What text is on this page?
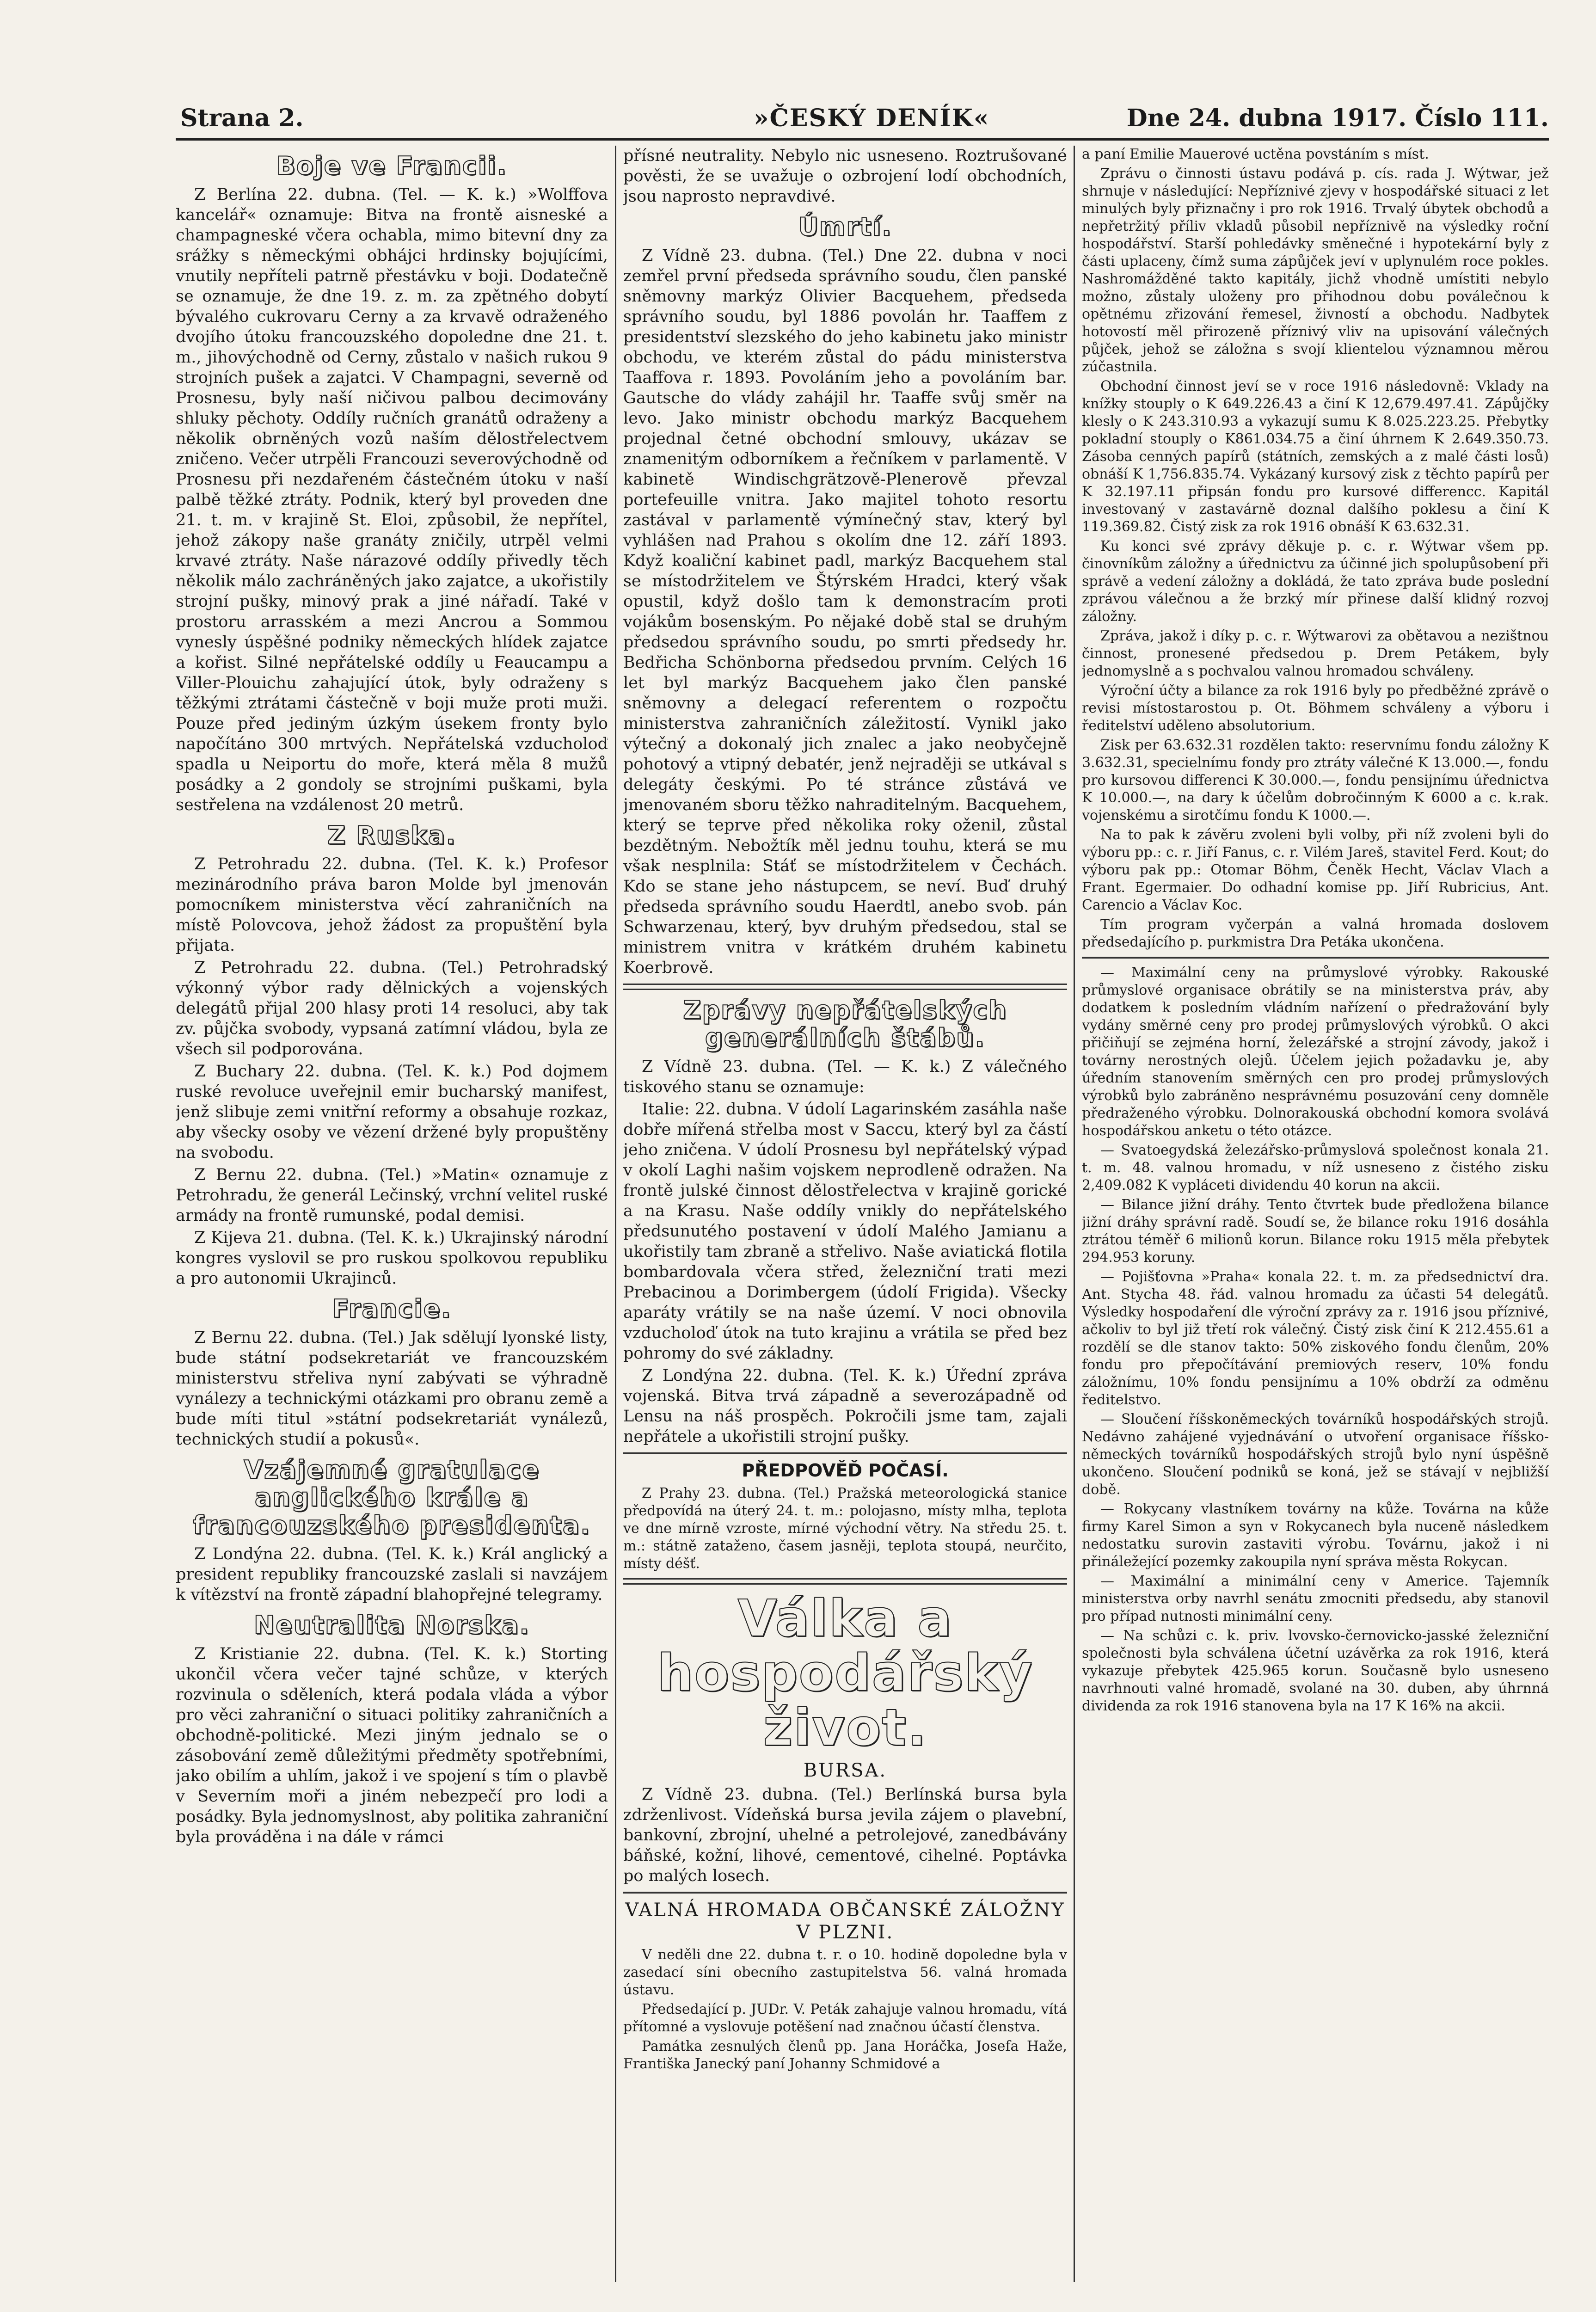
Strana 2.	»ČESKÝ DENÍK«	Dne 24. dubna 1917. Číslo 111.
Boje ve Francii.

Z Berlína 22. dubna. (Tel. — K. k.) »Wolffova kancelář« oznamuje: Bitva na frontě aisneské a champagneské včera ochabla, mimo bitevní dny za srážky s německými obhájci hrdinsky bojujícími, vnutily nepříteli patrně přestávku v boji. Dodatečně se oznamuje, že dne 19. z. m. za zpětného dobytí bývalého cukrovaru Cerny a za krvavě odraženého dvojího útoku francouzského dopoledne dne 21. t. m., jihovýchodně od Cerny, zůstalo v našich rukou 9 strojních pušek a zajatci. V Champagni, severně od Prosnesu, byly naší ničivou palbou decimovány shluky pěchoty. Oddíly ručních granátů odraženy a několik obrněných vozů naším dělostřelectvem zničeno. Večer utrpěli Francouzi severovýchodně od Prosnesu při nezdařeném částečném útoku v naší palbě těžké ztráty. Podnik, který byl proveden dne 21. t. m. v krajině St. Eloi, způsobil, že nepřítel, jehož zákopy naše granáty zničily, utrpěl velmi krvavé ztráty. Naše nárazové oddíly přivedly těch několik málo zachráněných jako zajatce, a ukořistily strojní pušky, minový prak a jiné nářadí. Také v prostoru arrasském a mezi Ancrou a Sommou vynesly úspěšné podniky německých hlídek zajatce a kořist. Silné nepřátelské oddíly u Feaucampu a Viller-Plouichu zahajující útok, byly odraženy s těžkými ztrátami částečně v boji muže proti muži. Pouze před jediným úzkým úsekem fronty bylo napočítáno 300 mrtvých. Nepřátelská vzducholoď spadla u Neiportu do moře, která měla 8 mužů posádky a 2 gondoly se strojními puškami, byla sestřelena na vzdálenost 20 metrů.

Z Ruska.

Z Petrohradu 22. dubna. (Tel. K. k.) Profesor mezinárodního práva baron Molde byl jmenován pomocníkem ministerstva věcí zahraničních na místě Polovcova, jehož žádost za propuštění byla přijata.

Z Petrohradu 22. dubna. (Tel.) Petrohradský výkonný výbor rady dělnických a vojenských delegátů přijal 200 hlasy proti 14 resoluci, aby tak zv. půjčka svobody, vypsaná zatímní vládou, byla ze všech sil podporována.

Z Buchary 22. dubna. (Tel. K. k.) Pod dojmem ruské revoluce uveřejnil emir bucharský manifest, jenž slibuje zemi vnitřní reformy a obsahuje rozkaz, aby všecky osoby ve vězení držené byly propuštěny na svobodu.

Z Bernu 22. dubna. (Tel.) »Matin« oznamuje z Petrohradu, že generál Lečinský, vrchní velitel ruské armády na frontě rumunské, podal demisi.

Z Kijeva 21. dubna. (Tel. K. k.) Ukrajinský národní kongres vyslovil se pro ruskou spolkovou republiku a pro autonomii Ukrajinců.

Francie.

Z Bernu 22. dubna. (Tel.) Jak sdělují lyonské listy, bude státní podsekretariát ve francouzském ministerstvu střeliva nyní zabývati se výhradně vynálezy a technickými otázkami pro obranu země a bude míti titul »státní podsekretariát vynálezů, technických studií a pokusů«.

Vzájemné gratulace anglického krále a francouzského presidenta.

Z Londýna 22. dubna. (Tel. K. k.) Král anglický a president republiky francouzské zaslali si navzájem k vítězství na frontě západní blahopřejné telegramy.

Neutralita Norska.

Z Kristianie 22. dubna. (Tel. K. k.) Storting ukončil včera večer tajné schůze, v kterých rozvinula o sděleních, která podala vláda a výbor pro věci zahraniční o situaci politiky zahraničních a obchodně-politické. Mezi jiným jednalo se o zásobování země důležitými předměty spotřebními, jako obilím a uhlím, jakož i ve spojení s tím o plavbě v Severním moři a jiném nebezpečí pro lodi a posádky. Byla jednomyslnost, aby politika zahraniční byla prováděna i na dále v rámci

přísné neutrality. Nebylo nic usneseno. Roztrušované pověsti, že se uvažuje o ozbrojení lodí obchodních, jsou naprosto nepravdivé.

Úmrtí.

Z Vídně 23. dubna. (Tel.) Dne 22. dubna v noci zemřel první předseda správního soudu, člen panské sněmovny markýz Olivier Bacquehem, předseda správního soudu, byl 1886 povolán hr. Taaffem z presidentství slezského do jeho kabinetu jako ministr obchodu, ve kterém zůstal do pádu ministerstva Taaffova r. 1893. Povoláním jeho a povoláním bar. Gautsche do vlády zahájil hr. Taaffe svůj směr na levo. Jako ministr obchodu markýz Bacquehem projednal četné obchodní smlouvy, ukázav se znamenitým odborníkem a řečníkem v parlamentě. V kabinetě Windischgrätzově-Plenerově převzal portefeuille vnitra. Jako majitel tohoto resortu zastával v parlamentě výmínečný stav, který byl vyhlášen nad Prahou s okolím dne 12. září 1893. Když koaliční kabinet padl, markýz Bacquehem stal se místodržitelem ve Štýrském Hradci, který však opustil, když došlo tam k demonstracím proti vojákům bosenským. Po nějaké době stal se druhým předsedou správního soudu, po smrti předsedy hr. Bedřicha Schönborna předsedou prvním. Celých 16 let byl markýz Bacquehem jako člen panské sněmovny a delegací referentem o rozpočtu ministerstva zahraničních záležitostí. Vynikl jako výtečný a dokonalý jich znalec a jako neobyčejně pohotový a vtipný debatér, jenž nejraději se utkával s delegáty českými. Po té stránce zůstává ve jmenovaném sboru těžko nahraditelným. Bacquehem, který se teprve před několika roky oženil, zůstal bezdětným. Nebožtík měl jednu touhu, která se mu však nesplnila: Stáť se místodržitelem v Čechách. Kdo se stane jeho nástupcem, se neví. Buď druhý předseda správního soudu Haerdtl, anebo svob. pán Schwarzenau, který, byv druhým předsedou, stal se ministrem vnitra v krátkém druhém kabinetu Koerbrově.

Zprávy nepřátelských generálních štábů.

Z Vídně 23. dubna. (Tel. — K. k.) Z válečného tiskového stanu se oznamuje:

Italie: 22. dubna. V údolí Lagarinském zasáhla naše dobře mířená střelba most v Saccu, který byl za částí jeho zničena. V údolí Prosnesu byl nepřátelský výpad v okolí Laghi našim vojskem neprodleně odražen. Na frontě julské činnost dělostřelectva v krajině gorické a na Krasu. Naše oddíly vnikly do nepřátelského předsunutého postavení v údolí Malého Jamianu a ukořistily tam zbraně a střelivo. Naše aviatická flotila bombardovala včera střed, železniční trati mezi Prebacinou a Dorimbergem (údolí Frigida). Všecky aparáty vrátily se na naše území. V noci obnovila vzducholoď útok na tuto krajinu a vrátila se před bez pohromy do své základny.

Z Londýna 22. dubna. (Tel. K. k.) Úřední zpráva vojenská. Bitva trvá západně a severozápadně od Lensu na náš prospěch. Pokročili jsme tam, zajali nepřátele a ukořistili strojní pušky.

PŘEDPOVĚĎ POČASÍ.

Z Prahy 23. dubna. (Tel.) Pražská meteorologická stanice předpovídá na úterý 24. t. m.: polojasno, místy mlha, teplota ve dne mírně vzroste, mírné východní větry. Na středu 25. t. m.: státně zataženo, časem jasněji, teplota stoupá, neurčito, místy déšť.

Válka a hospodářský život.
BURSA.

Z Vídně 23. dubna. (Tel.) Berlínská bursa byla zdrženlivost. Vídeňská bursa jevila zájem o plavební, bankovní, zbrojní, uhelné a petrolejové, zanedbávány báňské, kožní, lihové, cementové, cihelné. Poptávka po malých losech.

VALNÁ HROMADA OBČANSKÉ ZÁLOŽNY V PLZNI.

V neděli dne 22. dubna t. r. o 10. hodině dopoledne byla v zasedací síni obecního zastupitelstva 56. valná hromada ústavu.

Předsedající p. JUDr. V. Peták zahajuje valnou hromadu, vítá přítomné a vyslovuje potěšení nad značnou účastí členstva.

Památka zesnulých členů pp. Jana Horáčka, Josefa Haže, Františka Janecký paní Johanny Schmidové a

a paní Emilie Mauerové uctěna povstáním s míst.

Zprávu o činnosti ústavu podává p. cís. rada J. Wýtwar, jež shrnuje v následující: Nepříznivé zjevy v hospodářské situaci z let minulých byly přiznačny i pro rok 1916. Trvalý úbytek obchodů a nepřetržitý příliv vkladů působil nepříznivě na výsledky roční hospodářství. Starší pohledávky směnečné i hypotekární byly z části uplaceny, čímž suma zápůjček jeví v uplynulém roce pokles. Nashromážděné takto kapitály, jichž vhodně umístiti nebylo možno, zůstaly uloženy pro přihodnou dobu poválečnou k opětnému zřizování řemesel, živností a obchodu. Nadbytek hotovostí měl přirozeně příznivý vliv na upisování válečných půjček, jehož se záložna s svojí klientelou významnou měrou zúčastnila.

Obchodní činnost jeví se v roce 1916 následovně: Vklady na knížky stouply o K 649.226.43 a činí K 12,679.497.41. Zápůjčky klesly o K 243.310.93 a vykazují sumu K 8.025.223.25. Přebytky pokladní stouply o K861.034.75 a činí úhrnem K 2.649.350.73. Zásoba cenných papírů (státních, zemských a z malé části losů) obnáší K 1,756.835.74. Vykázaný kursový zisk z těchto papírů per K 32.197.11 připsán fondu pro kursové differencc. Kapitál investovaný v zastavárně doznal dalšího poklesu a činí K 119.369.82. Čistý zisk za rok 1916 obnáší K 63.632.31.

Ku konci své zprávy děkuje p. c. r. Wýtwar všem pp. činovníkům záložny a úřednictvu za účinné jich spolupůsobení při správě a vedení záložny a dokládá, že tato zpráva bude poslední zprávou válečnou a že brzký mír přinese další klidný rozvoj záložny.

Zpráva, jakož i díky p. c. r. Wýtwarovi za obětavou a nezištnou činnost, pronesené předsedou p. Drem Petákem, byly jednomyslně a s pochvalou valnou hromadou schváleny.

Výroční účty a bilance za rok 1916 byly po předběžné zprávě o revisi místostarostou p. Ot. Böhmem schváleny a výboru i ředitelství uděleno absolutorium.

Zisk per 63.632.31 rozdělen takto: reservnímu fondu záložny K 3.632.31, specielnímu fondy pro ztráty válečné K 13.000.—, fondu pro kursovou differenci K 30.000.—, fondu pensijnímu úřednictva K 10.000.—, na dary k účelům dobročinným K 6000 a c. k.rak. vojenskému a sirotčímu fondu K 1000.—.

Na to pak k závěru zvoleni byli volby, při níž zvoleni byli do výboru pp.: c. r. Jiří Fanus, c. r. Vilém Jareš, stavitel Ferd. Kout; do výboru pak pp.: Otomar Böhm, Čeněk Hecht, Václav Vlach a Frant. Egermaier. Do odhadní komise pp. Jiří Rubricius, Ant. Carencio a Václav Koc.

Tím program vyčerpán a valná hromada doslovem předsedajícího p. purkmistra Dra Petáka ukončena.

— Maximální ceny na průmyslové výrobky. Rakouské průmyslové organisace obrátily se na ministerstva práv, aby dodatkem k posledním vládním nařízení o předražování byly vydány směrné ceny pro prodej průmyslových výrobků. O akci přičiňují se zejména horní, železářské a strojní závody, jakož i továrny nerostných olejů. Účelem jejich požadavku je, aby úředním stanovením směrných cen pro prodej průmyslových výrobků bylo zabráněno nesprávnému posuzování ceny domněle předraženého výrobku. Dolnorakouská obchodní komora svolává hospodářskou anketu o této otázce.

— Svatoegydská železářsko-průmyslová společnost konala 21. t. m. 48. valnou hromadu, v níž usneseno z čistého zisku 2,409.082 K vypláceti dividendu 40 korun na akcii.

— Bilance jižní dráhy. Tento čtvrtek bude předložena bilance jižní dráhy správní radě. Soudí se, že bilance roku 1916 dosáhla ztrátou téměř 6 milionů korun. Bilance roku 1915 měla přebytek 294.953 koruny.

— Pojišťovna »Praha« konala 22. t. m. za předsednictví dra. Ant. Stycha 48. řád. valnou hromadu za účasti 54 delegátů. Výsledky hospodaření dle výroční zprávy za r. 1916 jsou příznivé, ačkoliv to byl již třetí rok válečný. Čistý zisk činí K 212.455.61 a rozdělí se dle stanov takto: 50% ziskového fondu členům, 20% fondu pro přepočítávání premiových reserv, 10% fondu záložnímu, 10% fondu pensijnímu a 10% obdrží za odměnu ředitelstvo.

— Sloučení říšskoněmeckých továrníků hospodářských strojů. Nedávno zahájené vyjednávání o utvoření organisace říšsko-německých továrníků hospodářských strojů bylo nyní úspěšně ukončeno. Sloučení podniků se koná, jež se stávají v nejbližší době.

— Rokycany vlastníkem továrny na kůže. Továrna na kůže firmy Karel Simon a syn v Rokycanech byla nuceně následkem nedostatku surovin zastaviti výrobu. Továrnu, jakož i ni přináležející pozemky zakoupila nyní správa města Rokycan.

— Maximální a minimální ceny v Americe. Tajemník ministerstva orby navrhl senátu zmocniti předsedu, aby stanovil pro případ nutnosti minimální ceny.

— Na schůzi c. k. priv. lvovsko-černovicko-jasské železniční společnosti byla schválena účetní uzávěrka za rok 1916, která vykazuje přebytek 425.965 korun. Současně bylo usneseno navrhnouti valné hromadě, svolané na 30. duben, aby úhrnná dividenda za rok 1916 stanovena byla na 17 K 16% na akcii.
